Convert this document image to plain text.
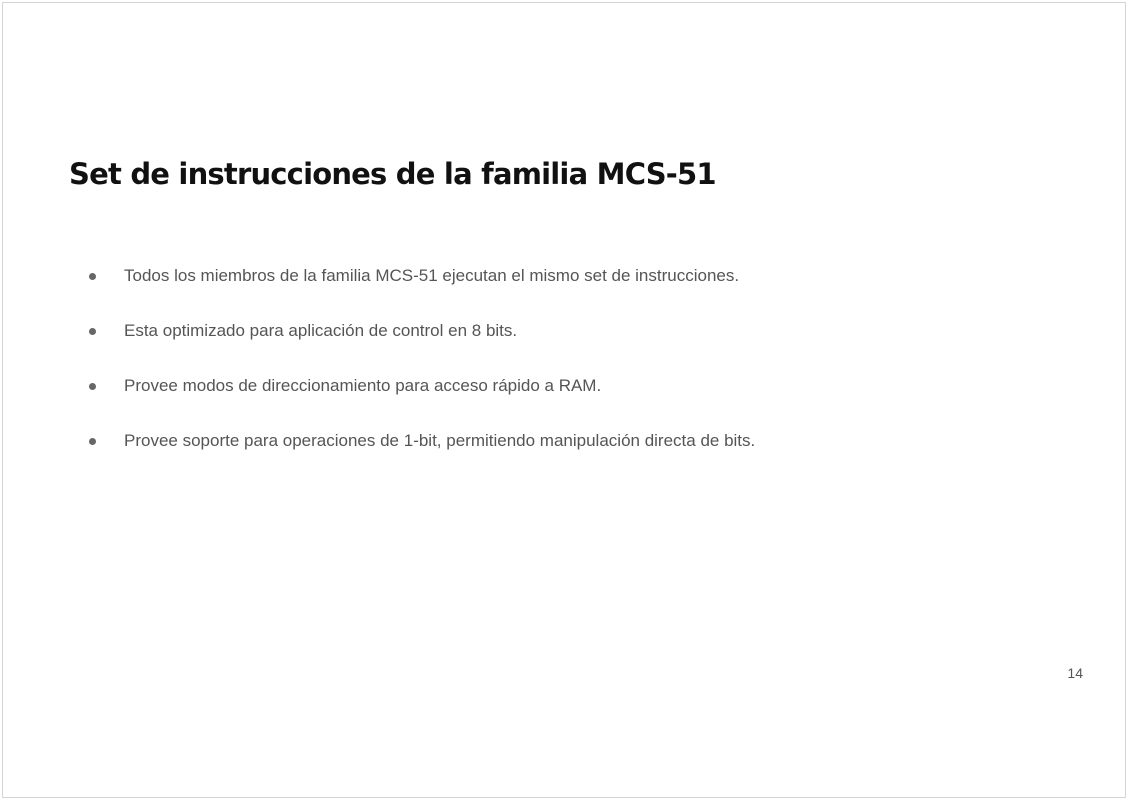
Set de instrucciones de la familia MCS-51
Todos los miembros de la familia MCS-51 ejecutan el mismo set de instrucciones.
Esta optimizado para aplicación de control en 8 bits.
Provee modos de direccionamiento para acceso rápido a RAM.
Provee soporte para operaciones de 1-bit, permitiendo manipulación directa de bits.
14
